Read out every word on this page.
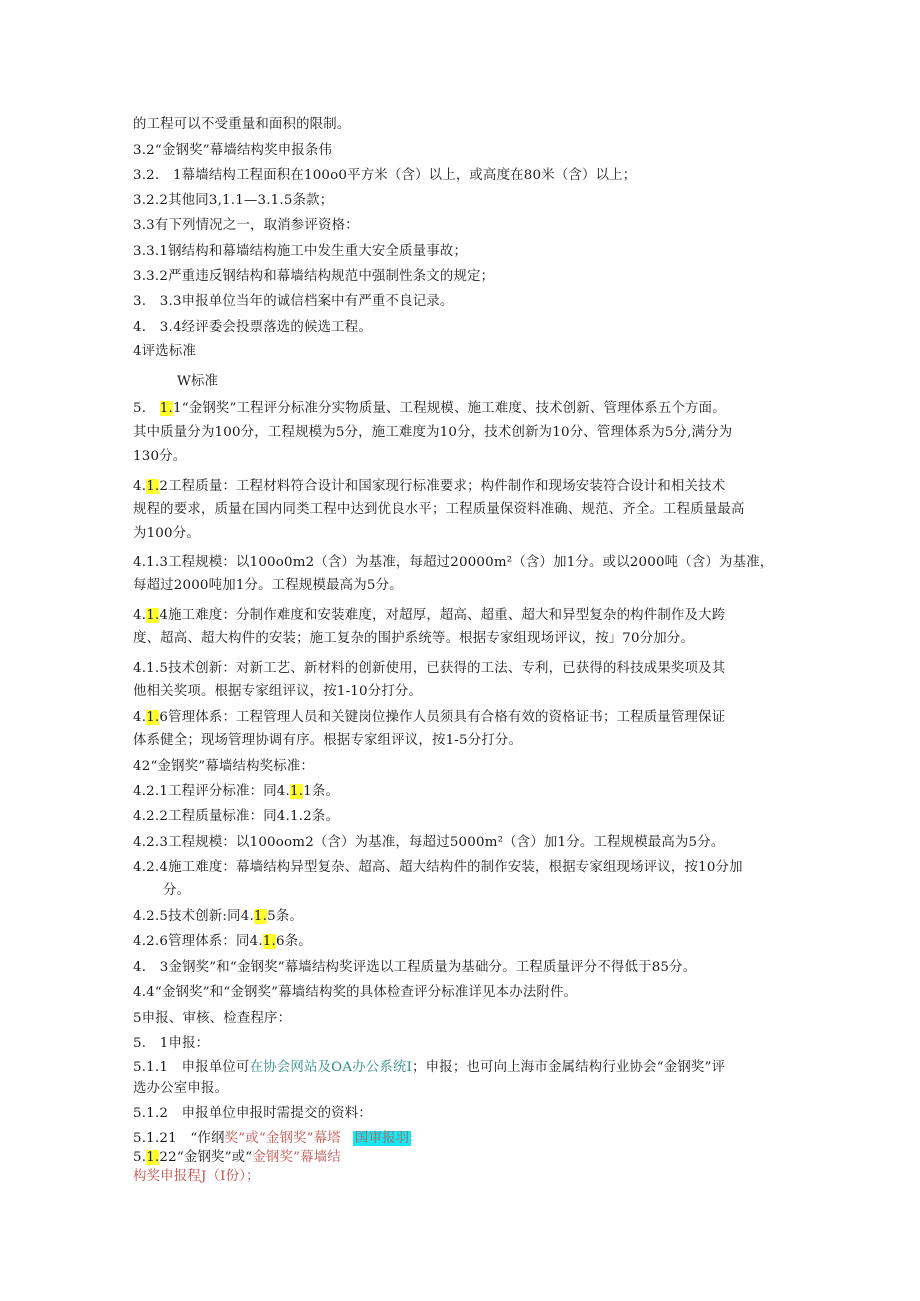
的工程可以不受重量和面积的限制。
3.2“金钢奖”幕墙结构奖申报条伟
3.2.　1幕墙结构工程面积在100o0平方米（含）以上，或高度在80米（含）以上；
3.2.2其他同3,1.1—3.1.5条款；
3.3有下列情况之一，取消参评资格：
3.3.1钢结构和幕墙结构施工中发生重大安全质量事故；
3.3.2严重违反钢结构和幕墙结构规范中强制性条文的规定；
3.　3.3申报单位当年的诚信档案中有严重不良记录。
4.　3.4经评委会投票落选的候选工程。
4评选标准
W标准
5.　 1.1“金钢奖”工程评分标准分实物质量、工程规模、施工难度、技术创新、管理体系五个方面。
其中质量分为100分，工程规模为5分，施工难度为10分，技术创新为10分、管理体系为5分,满分为
130分。
4.1.2工程质量：工程材料符合设计和国家现行标准要求；构件制作和现场安装符合设计和相关技术
规程的要求，质量在国内同类工程中达到优良水平；工程质量保资料准确、规范、齐全。工程质量最高
为100分。
4.1.3工程规模：以100o0m2（含）为基准，每超过20000m²（含）加1分。或以2000吨（含）为基准，
每超过2000吨加1分。工程规模最高为5分。
4.1.4施工难度：分制作难度和安装难度，对超厚，超高、超重、超大和异型复杂的构件制作及大跨
度、超高、超大构件的安装；施工复杂的围护系统等。根据专家组现场评议，按」70分加分。
4.1.5技术创新：对新工艺、新材料的创新使用，已获得的工法、专利，已获得的科技成果奖项及其
他相关奖项。根据专家组评议，按1-10分打分。
4.1.6管理体系：工程管理人员和关键岗位操作人员须具有合格有效的资格证书；工程质量管理保证
体系健全；现场管理协调有序。根据专家组评议，按1-5分打分。
42“金钢奖”幕墙结构奖标准：
4.2.1工程评分标准：同4.1.1条。
4.2.2工程质量标准：同4.1.2条。
4.2.3工程规模：以100oom2（含）为基准，每超过5000m²（含）加1分。工程规模最高为5分。
4.2.4施工难度：幕墙结构异型复杂、超高、超大结构件的制作安装，根据专家组现场评议，按10分加
分。
4.2.5技术创新:同4.1.5条。
4.2.6管理体系：同4.1.6条。
4.　3金钢奖”和“金钢奖”幕墙结构奖评选以工程质量为基础分。工程质量评分不得低于85分。
4.4“金钢奖”和“金钢奖”幕墙结构奖的具体检查评分标准详见本办法附件。
5申报、审核、检查程序：
5.　1申报：
5.1.1　申报单位可在协会网站及OA办公系统I；申报；也可向上海市金属结构行业协会“金钢奖”评
选办公室申报。
5.1.2　申报单位申报时需提交的资料：
5.1.21　“作纲奖”或“金钢奖”幕塔 国审报羽
5.1.22“金钢奖”或“金钢奖”幕墙结
构奖申报程J（I份）；
